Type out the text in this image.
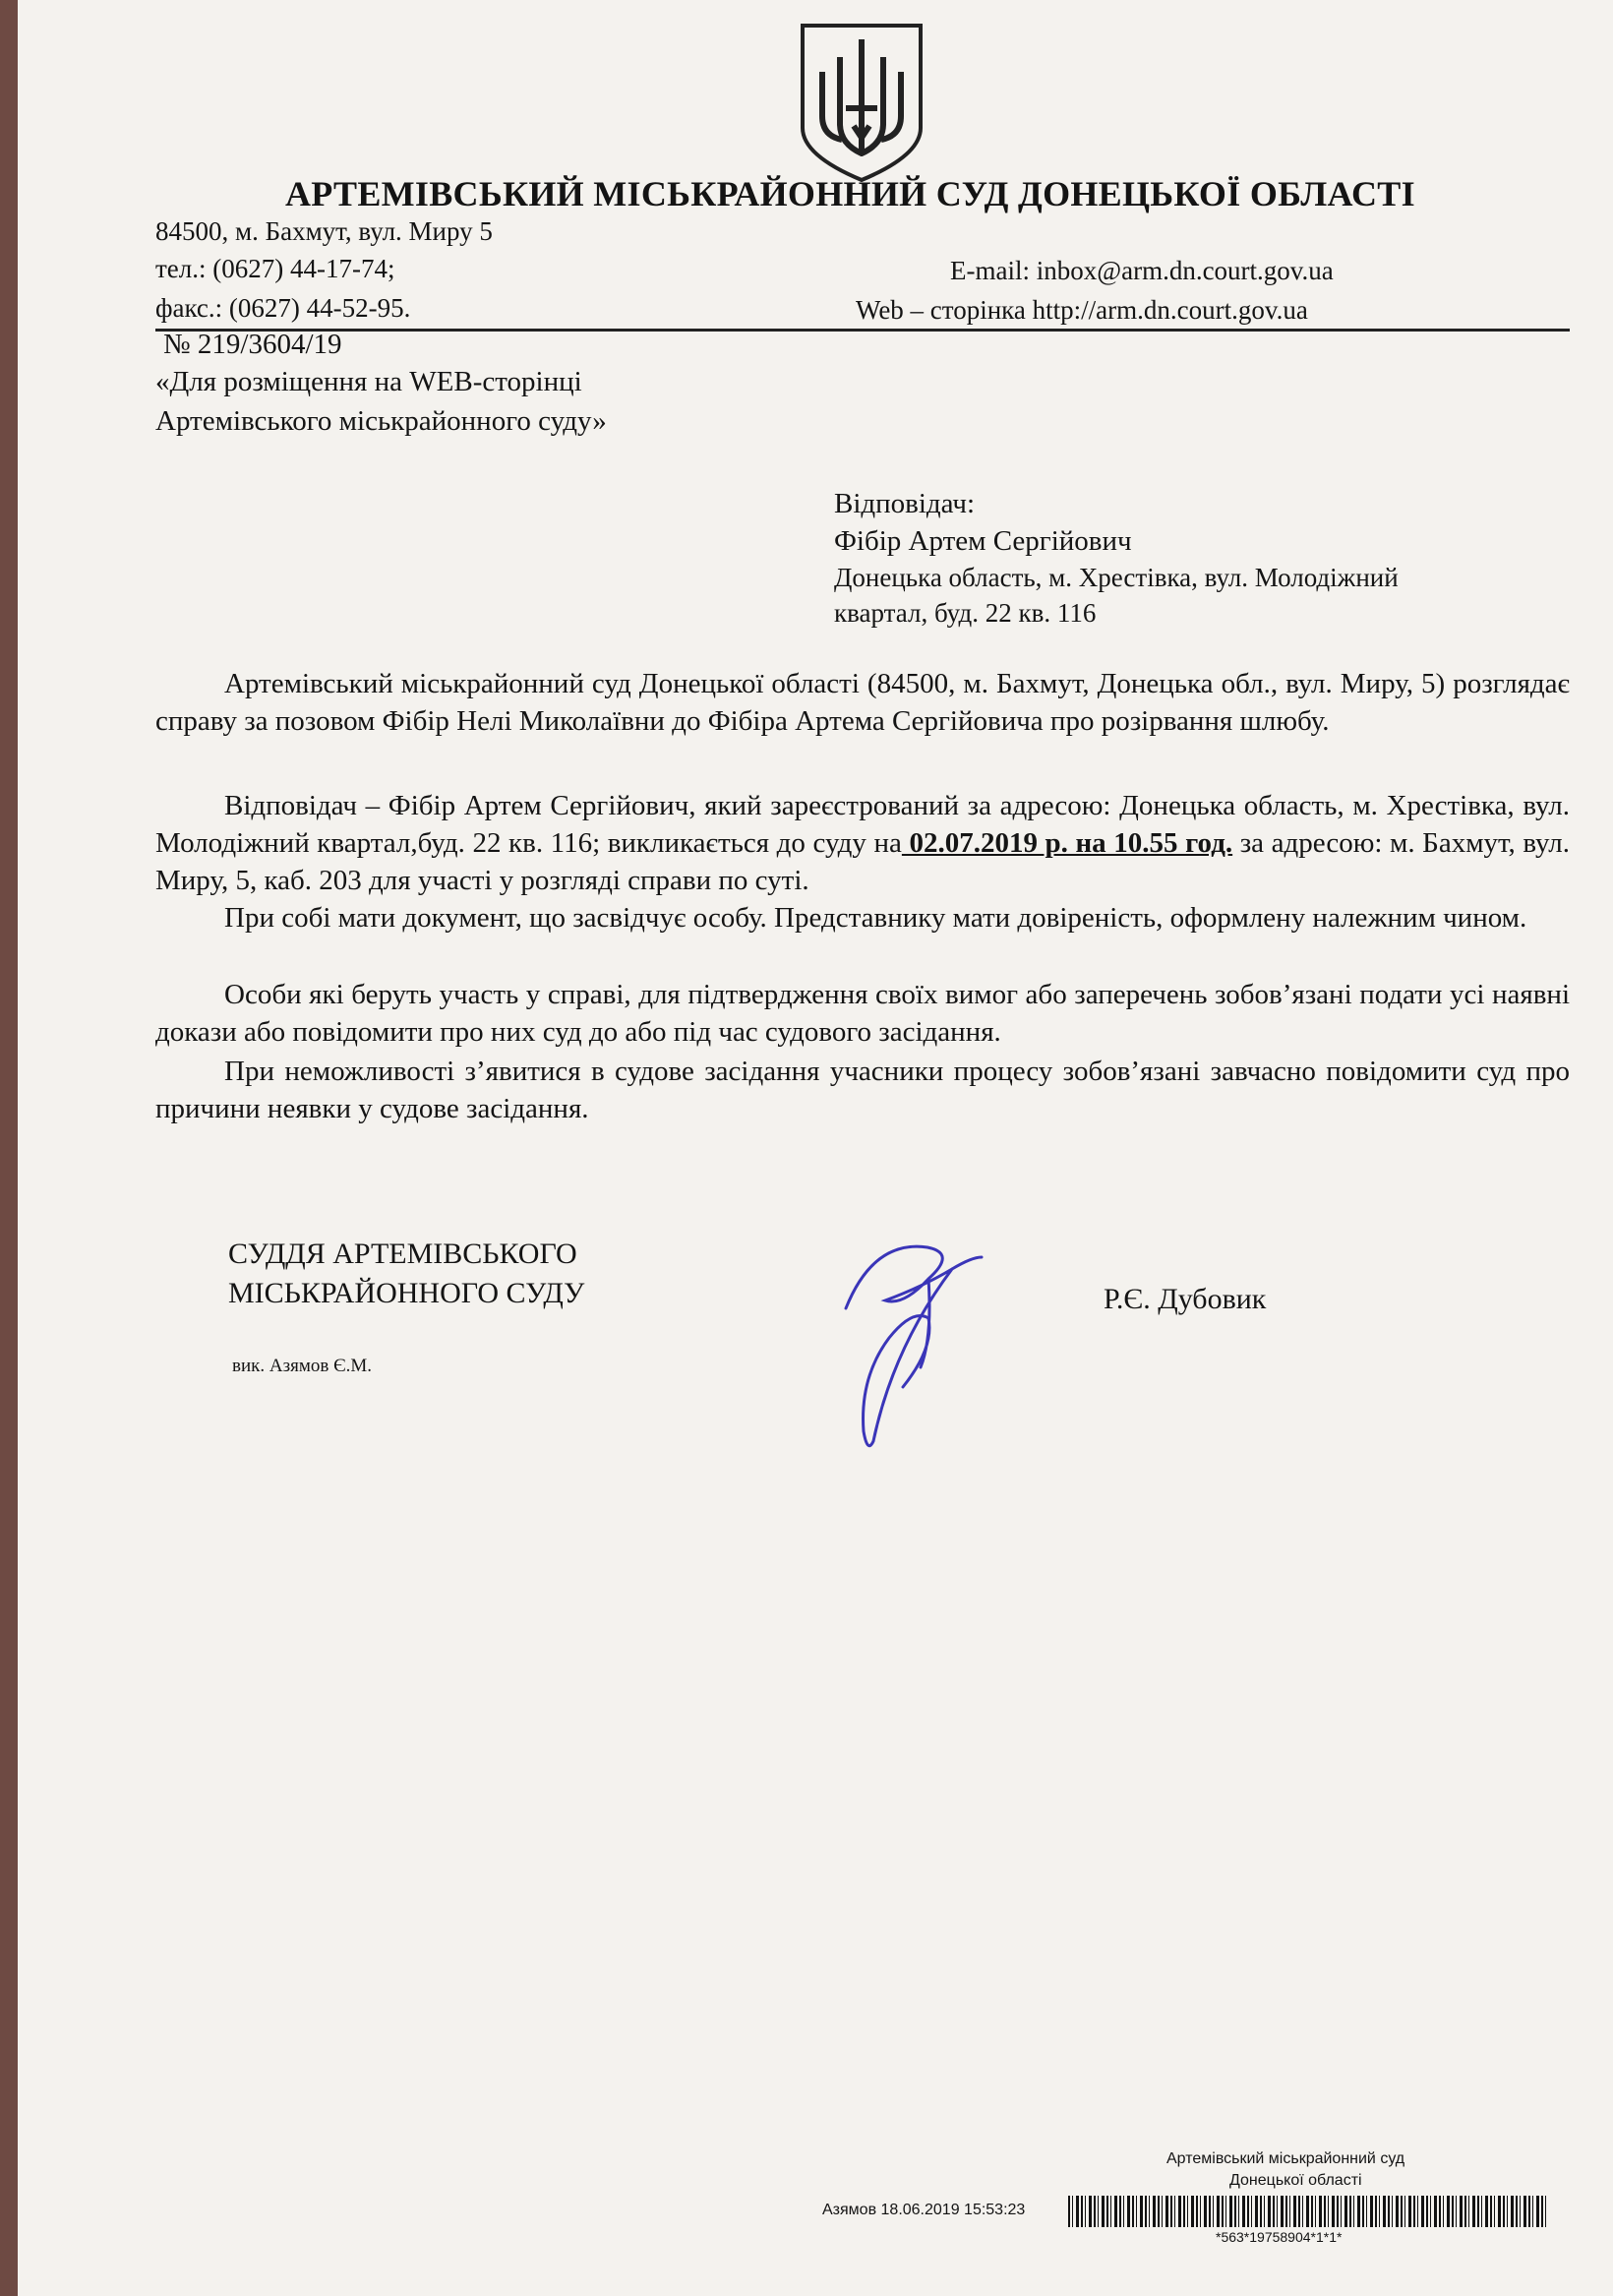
АРТЕМІВСЬКИЙ МІСЬКРАЙОННИЙ СУД ДОНЕЦЬКОЇ ОБЛАСТІ
84500, м. Бахмут, вул. Миру 5
тел.: (0627) 44-17-74;
факс.: (0627) 44-52-95.
E-mail: inbox@arm.dn.court.gov.ua
Web – сторінка http://arm.dn.court.gov.ua
№ 219/3604/19
«Для розміщення на WEB-сторінці
Артемівського міськрайонного суду»
Відповідач:
Фібір Артем Сергійович
Донецька область, м. Хрестівка, вул. Молодіжний
квартал, буд. 22 кв. 116
Артемівський міськрайонний суд Донецької області (84500, м. Бахмут, Донецька обл., вул. Миру, 5) розглядає справу за позовом Фібір Нелі Миколаївни до Фібіра Артема Сергійовича про розірвання шлюбу.
Відповідач – Фібір Артем Сергійович, який зареєстрований за адресою: Донецька область, м. Хрестівка, вул. Молодіжний квартал,буд. 22 кв. 116; викликається до суду на 02.07.2019 р. на 10.55 год. за адресою: м. Бахмут, вул. Миру, 5, каб. 203 для участі у розгляді справи по суті.
При собі мати документ, що засвідчує особу. Представнику мати довіреність, оформлену належним чином.
Особи які беруть участь у справі, для підтвердження своїх вимог або заперечень зобов’язані подати усі наявні докази або повідомити про них суд до або під час судового засідання.
При неможливості з’явитися в судове засідання учасники процесу зобов’язані завчасно повідомити суд про причини неявки у судове засідання.
СУДДЯ АРТЕМІВСЬКОГО
МІСЬКРАЙОННОГО СУДУ	Р.Є. Дубовик
вик. Азямов Є.М.
Артемівський міськрайонний суд
Донецької області
Азямов 18.06.2019 15:53:23
*563*19758904*1*1*
